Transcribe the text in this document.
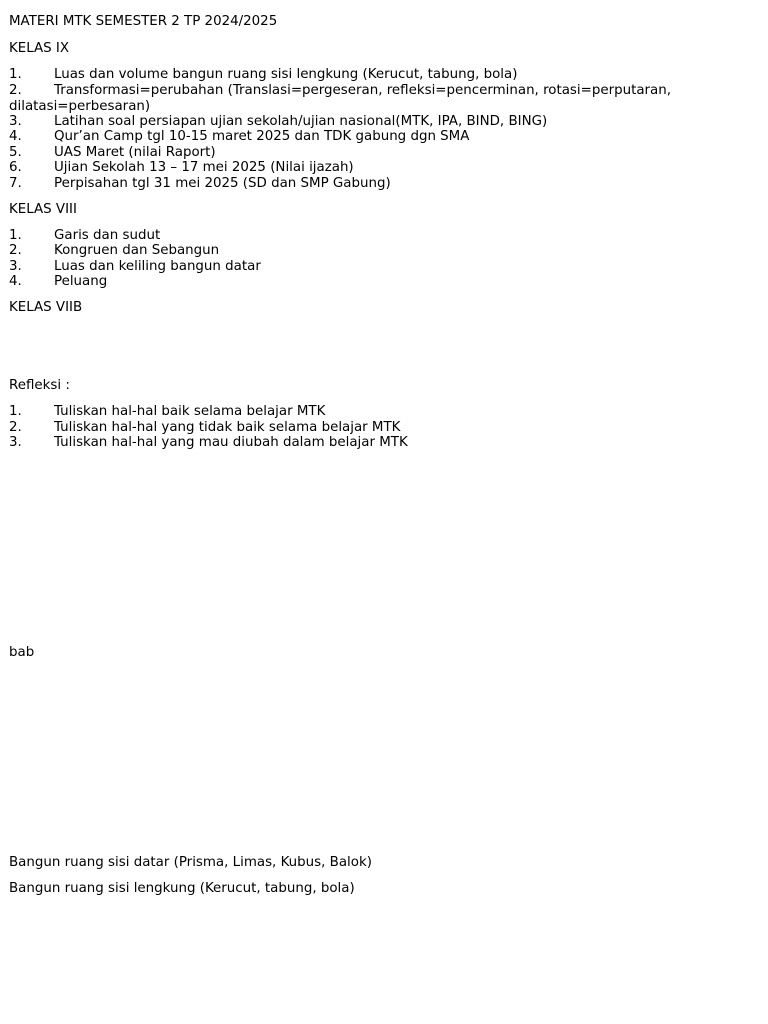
MATERI MTK SEMESTER 2 TP 2024/2025
KELAS IX
1. Luas dan volume bangun ruang sisi lengkung (Kerucut, tabung, bola)
2. Transformasi=perubahan (Translasi=pergeseran, refleksi=pencerminan, rotasi=perputaran, dilatasi=perbesaran)
3. Latihan soal persiapan ujian sekolah/ujian nasional(MTK, IPA, BIND, BING)
4. Qur’an Camp tgl 10-15 maret 2025 dan TDK gabung dgn SMA
5. UAS Maret (nilai Raport)
6. Ujian Sekolah 13 – 17 mei 2025 (Nilai ijazah)
7. Perpisahan tgl 31 mei 2025 (SD dan SMP Gabung)
KELAS VIII
1. Garis dan sudut
2. Kongruen dan Sebangun
3. Luas dan keliling bangun datar
4. Peluang
KELAS VIIB
Refleksi :
1. Tuliskan hal-hal baik selama belajar MTK
2. Tuliskan hal-hal yang tidak baik selama belajar MTK
3. Tuliskan hal-hal yang mau diubah dalam belajar MTK
bab
Bangun ruang sisi datar (Prisma, Limas, Kubus, Balok)
Bangun ruang sisi lengkung (Kerucut, tabung, bola)
